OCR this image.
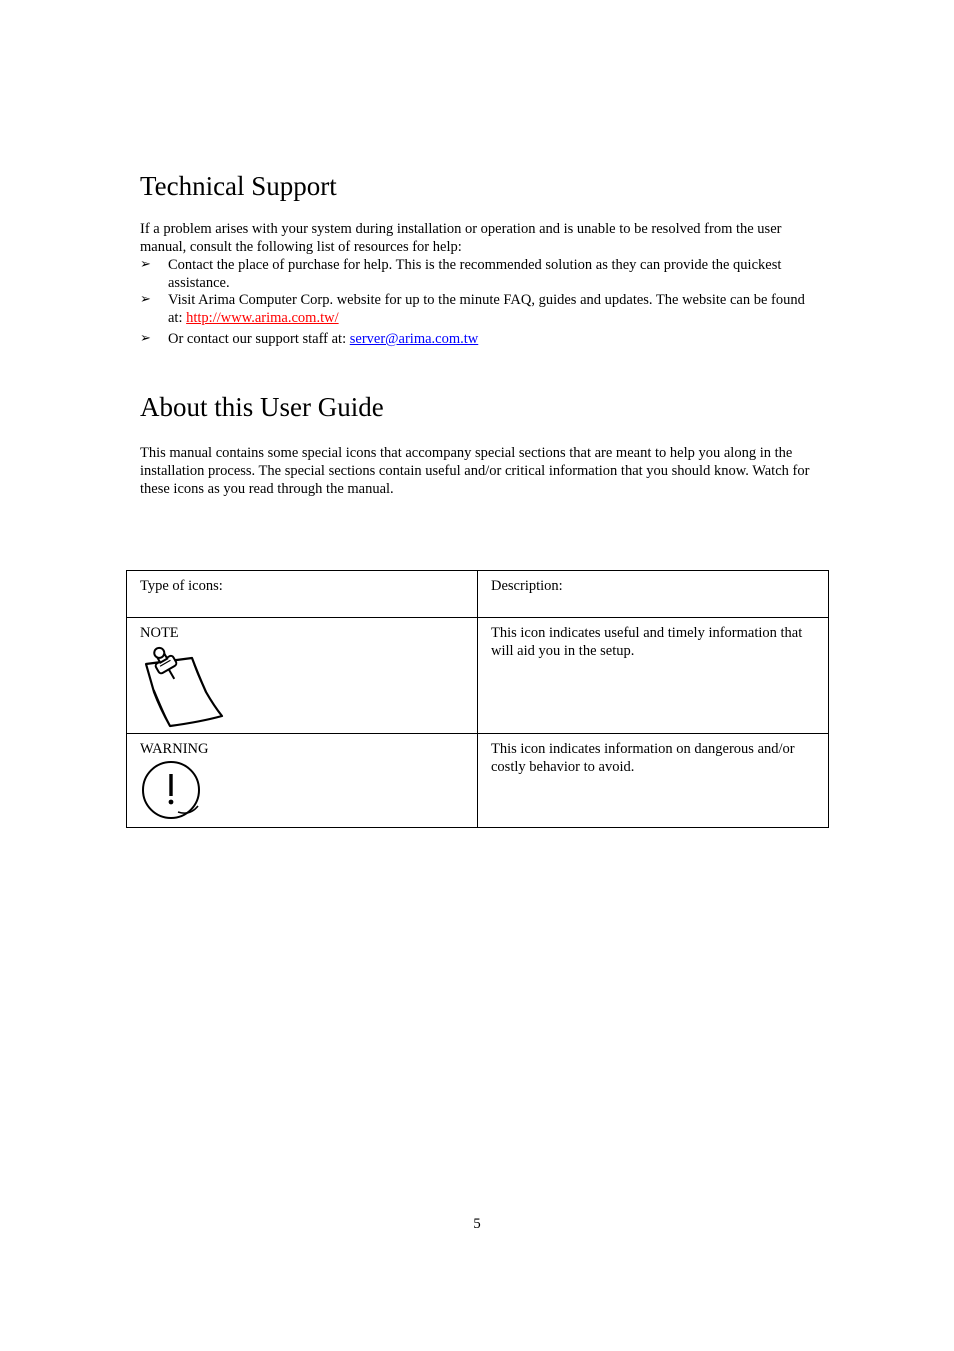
Technical Support

If a problem arises with your system during installation or operation and is unable to be resolved from the user manual, consult the following list of resources for help:

➢ Contact the place of purchase for help. This is the recommended solution as they can provide the quickest assistance.
➢ Visit Arima Computer Corp. website for up to the minute FAQ, guides and updates. The website can be found at: http://www.arima.com.tw/
➢ Or contact our support staff at: server@arima.com.tw
About this User Guide

This manual contains some special icons that accompany special sections that are meant to help you along in the installation process. The special sections contain useful and/or critical information that you should know. Watch for these icons as you read through the manual.

Type of icons:	Description:
NOTE	This icon indicates useful and timely information that will aid you in the setup.
WARNING	This icon indicates information on dangerous and/or costly behavior to avoid.
5
